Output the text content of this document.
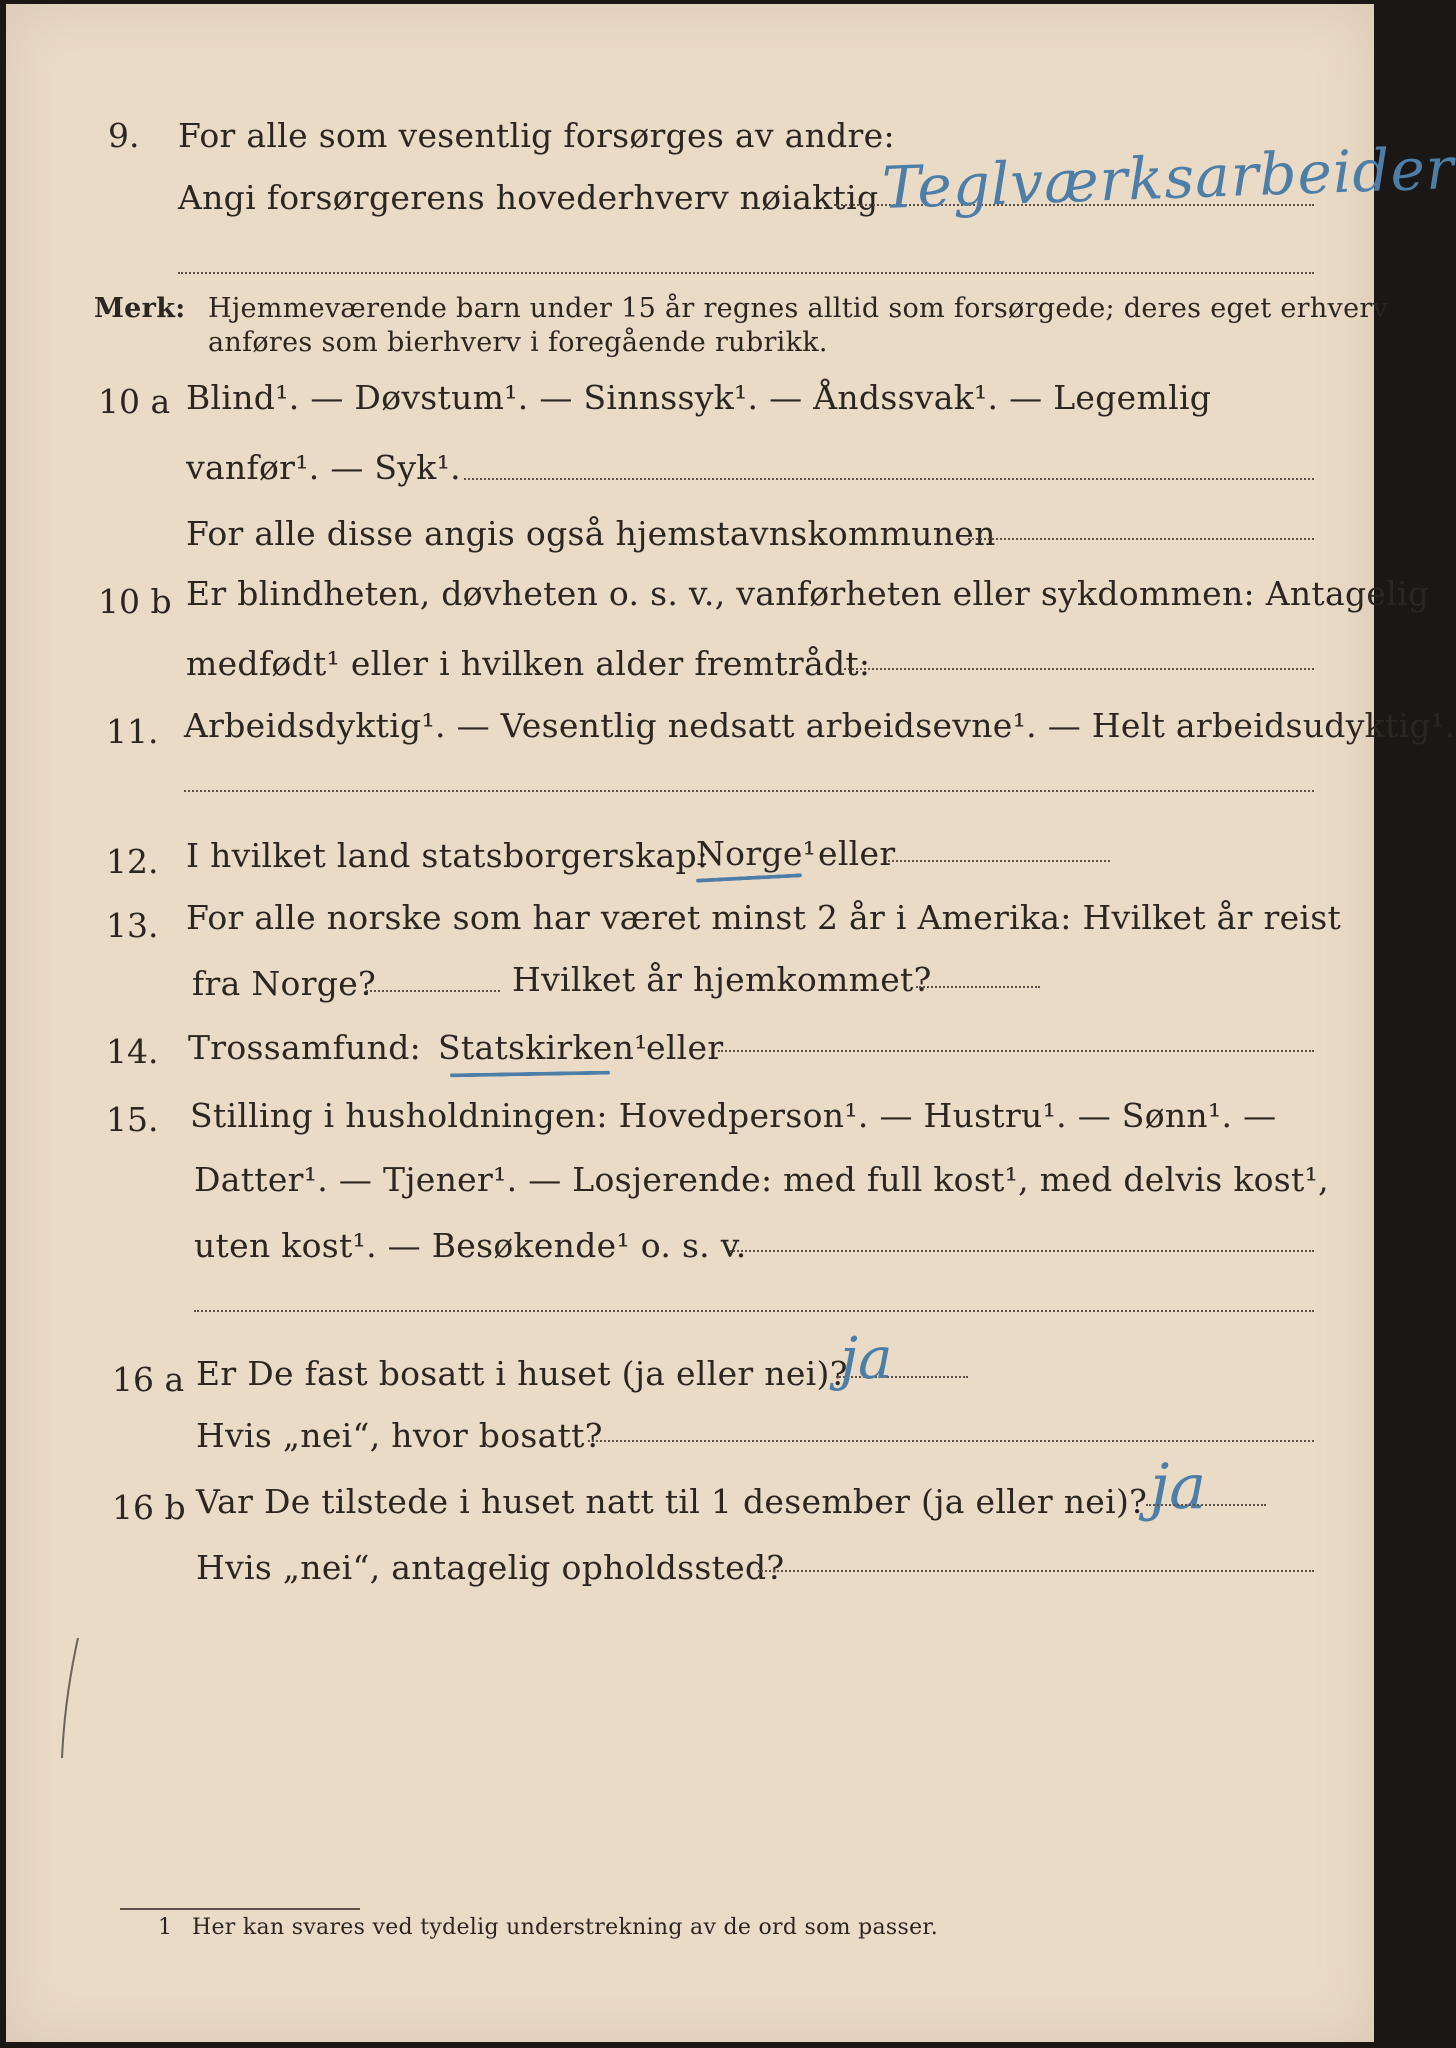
9. For alle som vesentlig forsørges av andre:
Angi forsørgerens hovederhverv nøiaktig Teglværksarbeider
Merk: Hjemmeværende barn under 15 år regnes alltid som forsørgede; deres eget erhverv
anføres som bierhverv i foregående rubrikk.
10 a Blind¹. — Døvstum¹. — Sinnssyk¹. — Åndssvak¹. — Legemlig
vanfør¹. — Syk¹.
For alle disse angis også hjemstavnskommunen
10 b Er blindheten, døvheten o. s. v., vanførheten eller sykdommen: Antagelig
medfødt¹ eller i hvilken alder fremtrådt:
11. Arbeidsdyktig¹. — Vesentlig nedsatt arbeidsevne¹. — Helt arbeidsudyktig¹.
12. I hvilket land statsborgerskap:
Norge¹ eller
13. For alle norske som har været minst 2 år i Amerika: Hvilket år reist
fra Norge?	Hvilket år hjemkommet?
14. Trossamfund: Statskirken¹
eller
15. Stilling i husholdningen: Hovedperson¹. — Hustru¹. — Sønn¹. —
Datter¹. — Tjener¹. — Losjerende: med full kost¹, med delvis kost¹,
uten kost¹. — Besøkende¹ o. s. v.
16 a Er De fast bosatt i huset (ja eller nei)?
ja
Hvis „nei“, hvor bosatt?
16 b Var De tilstede i huset natt til 1 desember (ja eller nei)? ja
Hvis „nei“, antagelig opholdssted?
1 Her kan svares ved tydelig understrekning av de ord som passer.
